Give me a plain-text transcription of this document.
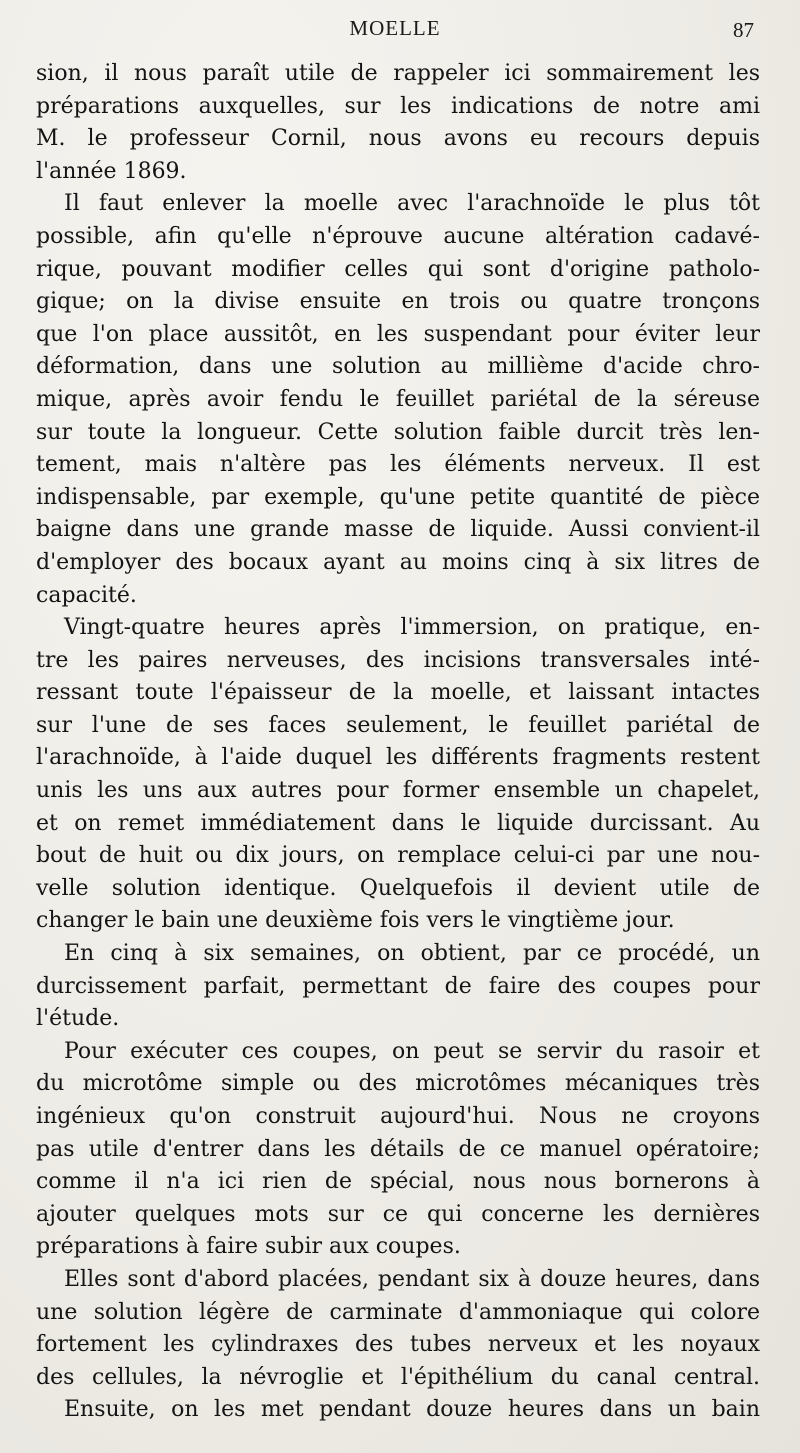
MOELLE	87
sion, il nous paraît utile de rappeler ici sommairement les
préparations auxquelles, sur les indications de notre ami
M. le professeur Cornil, nous avons eu recours depuis
l'année 1869.
Il faut enlever la moelle avec l'arachnoïde le plus tôt
possible, afin qu'elle n'éprouve aucune altération cadavé-
rique, pouvant modifier celles qui sont d'origine patholo-
gique; on la divise ensuite en trois ou quatre tronçons
que l'on place aussitôt, en les suspendant pour éviter leur
déformation, dans une solution au millième d'acide chro-
mique, après avoir fendu le feuillet pariétal de la séreuse
sur toute la longueur. Cette solution faible durcit très len-
tement, mais n'altère pas les éléments nerveux. Il est
indispensable, par exemple, qu'une petite quantité de pièce
baigne dans une grande masse de liquide. Aussi convient-il
d'employer des bocaux ayant au moins cinq à six litres de
capacité.
Vingt-quatre heures après l'immersion, on pratique, en-
tre les paires nerveuses, des incisions transversales inté-
ressant toute l'épaisseur de la moelle, et laissant intactes
sur l'une de ses faces seulement, le feuillet pariétal de
l'arachnoïde, à l'aide duquel les différents fragments restent
unis les uns aux autres pour former ensemble un chapelet,
et on remet immédiatement dans le liquide durcissant. Au
bout de huit ou dix jours, on remplace celui-ci par une nou-
velle solution identique. Quelquefois il devient utile de
changer le bain une deuxième fois vers le vingtième jour.
En cinq à six semaines, on obtient, par ce procédé, un
durcissement parfait, permettant de faire des coupes pour
l'étude.
Pour exécuter ces coupes, on peut se servir du rasoir et
du microtôme simple ou des microtômes mécaniques très
ingénieux qu'on construit aujourd'hui. Nous ne croyons
pas utile d'entrer dans les détails de ce manuel opératoire;
comme il n'a ici rien de spécial, nous nous bornerons à
ajouter quelques mots sur ce qui concerne les dernières
préparations à faire subir aux coupes.
Elles sont d'abord placées, pendant six à douze heures, dans
une solution légère de carminate d'ammoniaque qui colore
fortement les cylindraxes des tubes nerveux et les noyaux
des cellules, la névroglie et l'épithélium du canal central.
Ensuite, on les met pendant douze heures dans un bain
